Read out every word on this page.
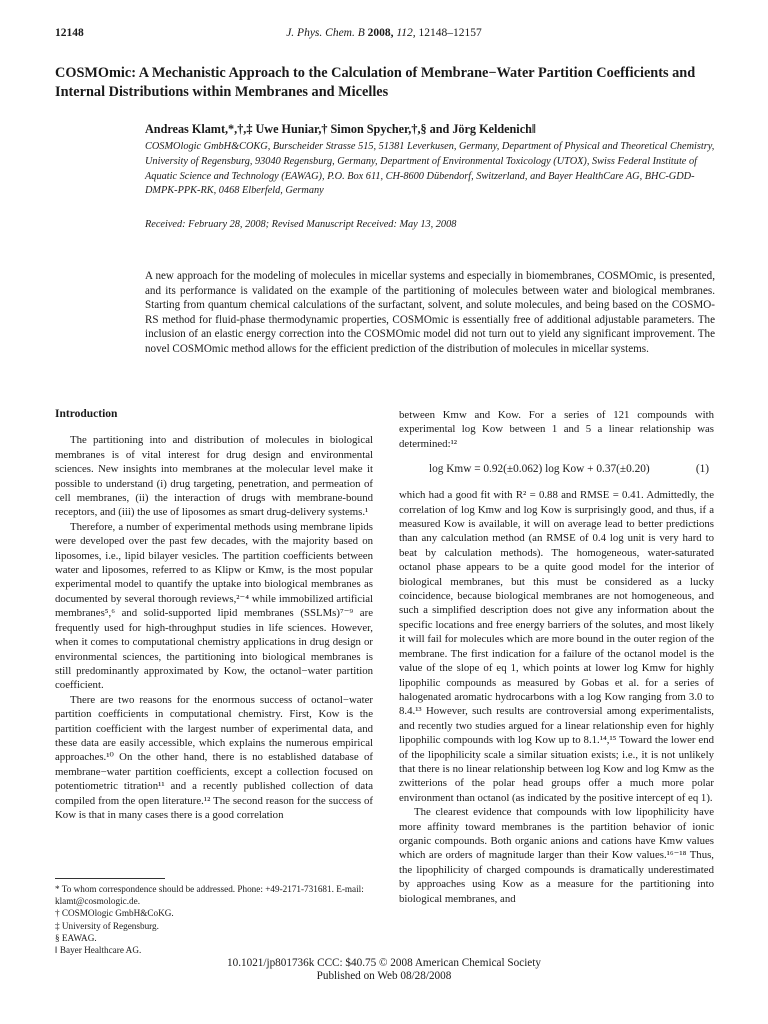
12148	J. Phys. Chem. B 2008, 112, 12148–12157
COSMOmic: A Mechanistic Approach to the Calculation of Membrane−Water Partition Coefficients and Internal Distributions within Membranes and Micelles
Andreas Klamt,*,†,‡ Uwe Huniar,† Simon Spycher,†,§ and Jörg Keldenich‖
COSMOlogic GmbH&COKG, Burscheider Strasse 515, 51381 Leverkusen, Germany, Department of Physical and Theoretical Chemistry, University of Regensburg, 93040 Regensburg, Germany, Department of Environmental Toxicology (UTOX), Swiss Federal Institute of Aquatic Science and Technology (EAWAG), P.O. Box 611, CH-8600 Dübendorf, Switzerland, and Bayer HealthCare AG, BHC-GDD-DMPK-PPK-RK, 0468 Elberfeld, Germany
Received: February 28, 2008; Revised Manuscript Received: May 13, 2008

A new approach for the modeling of molecules in micellar systems and especially in biomembranes, COSMOmic, is presented, and its performance is validated on the example of the partitioning of molecules between water and biological membranes. Starting from quantum chemical calculations of the surfactant, solvent, and solute molecules, and being based on the COSMO-RS method for fluid-phase thermodynamic properties, COSMOmic is essentially free of additional adjustable parameters. The inclusion of an elastic energy correction into the COSMOmic model did not turn out to yield any significant improvement. The novel COSMOmic method allows for the efficient prediction of the distribution of molecules in micellar systems.

Introduction

The partitioning into and distribution of molecules in biological membranes is of vital interest for drug design and environmental sciences. New insights into membranes at the molecular level make it possible to understand (i) drug targeting, penetration, and permeation of cell membranes, (ii) the interaction of drugs with membrane-bound receptors, and (iii) the use of liposomes as smart drug-delivery systems.¹

Therefore, a number of experimental methods using membrane lipids were developed over the past few decades, with the majority based on liposomes, i.e., lipid bilayer vesicles. The partition coefficients between water and liposomes, referred to as Klipw or Kmw, is the most popular experimental model to quantify the uptake into biological membranes as documented by several thorough reviews,²⁻⁴ while immobilized artificial membranes⁵,⁶ and solid-supported lipid membranes (SSLMs)⁷⁻⁹ are frequently used for high-throughput studies in life sciences. However, when it comes to computational chemistry applications in drug design or environmental sciences, the partitioning into biological membranes is still predominantly approximated by Kow, the octanol−water partition coefficient.

There are two reasons for the enormous success of octanol−water partition coefficients in computational chemistry. First, Kow is the partition coefficient with the largest number of experimental data, and these data are easily accessible, which explains the numerous empirical approaches.¹⁰ On the other hand, there is no established database of membrane−water partition coefficients, except a collection focused on potentiometric titration¹¹ and a recently published collection of data compiled from the open literature.¹² The second reason for the success of Kow is that in many cases there is a good correlation

between Kmw and Kow. For a series of 121 compounds with experimental log Kow between 1 and 5 a linear relationship was determined:¹²

log Kmw = 0.92(±0.062) log Kow + 0.37(±0.20)	(1)

which had a good fit with R² = 0.88 and RMSE = 0.41. Admittedly, the correlation of log Kmw and log Kow is surprisingly good, and thus, if a measured Kow is available, it will on average lead to better predictions than any calculation method (an RMSE of 0.4 log unit is very hard to beat by calculation methods). The homogeneous, water-saturated octanol phase appears to be a quite good model for the interior of biological membranes, but this must be considered as a lucky coincidence, because biological membranes are not homogeneous, and such a simplified description does not give any information about the specific locations and free energy barriers of the solutes, and most likely it will fail for molecules which are more bound in the outer region of the membrane. The first indication for a failure of the octanol model is the value of the slope of eq 1, which points at lower log Kmw for highly lipophilic compounds as measured by Gobas et al. for a series of halogenated aromatic hydrocarbons with a log Kow ranging from 3.0 to 8.4.¹³ However, such results are controversial among experimentalists, and recently two studies argued for a linear relationship even for highly lipophilic compounds with log Kow up to 8.1.¹⁴,¹⁵ Toward the lower end of the lipophilicity scale a similar situation exists; i.e., it is not unlikely that there is no linear relationship between log Kow and log Kmw as the zwitterions of the polar head groups offer a much more polar environment than octanol (as indicated by the positive intercept of eq 1).

The clearest evidence that compounds with low lipophilicity have more affinity toward membranes is the partition behavior of ionic organic compounds. Both organic anions and cations have Kmw values which are orders of magnitude larger than their Kow values.¹⁶⁻¹⁸ Thus, the lipophilicity of charged compounds is dramatically underestimated by approaches using Kow as a measure for the partitioning into biological membranes, and

* To whom correspondence should be addressed. Phone: +49-2171-731681. E-mail: klamt@cosmologic.de.

† COSMOlogic GmbH&CoKG.

‡ University of Regensburg.

§ EAWAG.

‖ Bayer Healthcare AG.

10.1021/jp801736k CCC: $40.75 © 2008 American Chemical Society
Published on Web 08/28/2008
